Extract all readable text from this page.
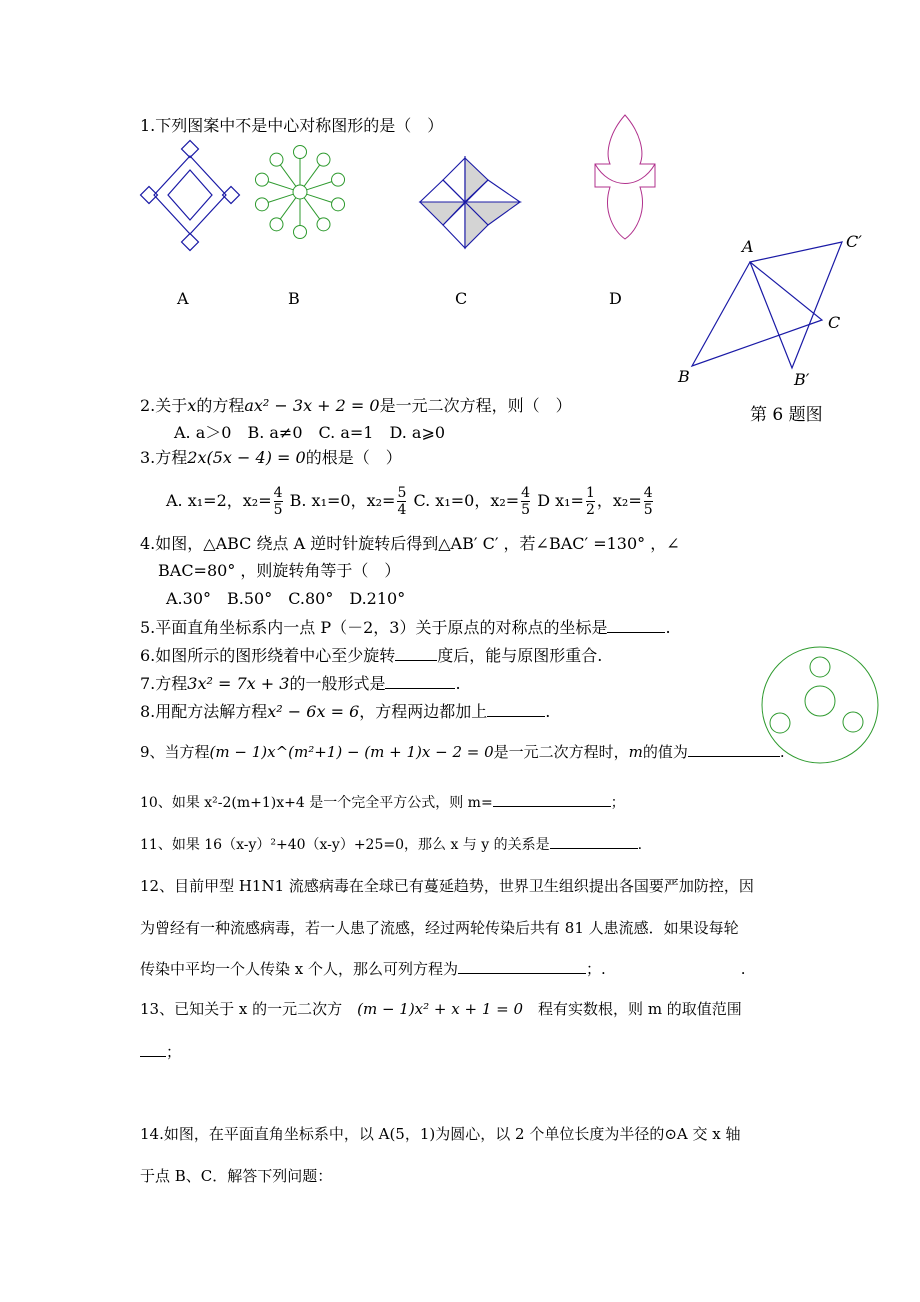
1.下列图案中不是中心对称图形的是（　）
A	B	C	D
A	C′
C
B	B′
第 6 题图
2.关于x的方程ax² − 3x + 2 = 0是一元二次方程，则（　）
A. a＞0　B. a≠0　C. a=1　D. a⩾0
3.方程2x(5x − 4) = 0的根是（　）
A. x₁=2，$x_2= \frac{4}{5} B$. x₁=0，$x_2= \frac{5}{4} C$. x₁=0，$x_2= \frac{4}{5}$ D $x_1= \frac{1}{2}$ ，$x_2= \frac{4}{5}$
4.如图，△ABC 绕点 A 逆时针旋转后得到△AB′ C′ ，若∠BAC′ =130° ，∠
BAC=80° ，则旋转角等于（　）
A.30°　B.50°　C.80°　D.210°
5.平面直角坐标系内一点 P（－2，3）关于原点的对称点的坐标是	.
6.如图所示的图形绕着中心至少旋转	度后，能与原图形重合.
7.方程3x² = 7x + 3的一般形式是	.
8.用配方法解方程x² − 6x = 6，方程两边都加上	.
9、当方程(m − 1)x^(m²+1) − (m + 1)x − 2 = 0是一元二次方程时，m的值为	.
10、如果 x²-2(m+1)x+4 是一个完全平方公式，则 m=	；
11、如果 16（x-y）²+40（x-y）+25=0，那么 x 与 y 的关系是	.
12、目前甲型 H1N1 流感病毒在全球已有蔓延趋势，世界卫生组织提出各国要严加防控，因
为曾经有一种流感病毒，若一人患了流感，经过两轮传染后共有 81 人患流感．如果设每轮
传染中平均一个人传染 x 个人，那么可列方程为	；.　　　　　　　　　.
13、已知关于 x 的一元二次方　 (m − 1)x² + x + 1 = 0　 程有实数根，则 m 的取值范围
；
14.如图，在平面直角坐标系中，以 A(5，1)为圆心，以 2 个单位长度为半径的⊙A 交 x 轴
于点 B、C．解答下列问题：
